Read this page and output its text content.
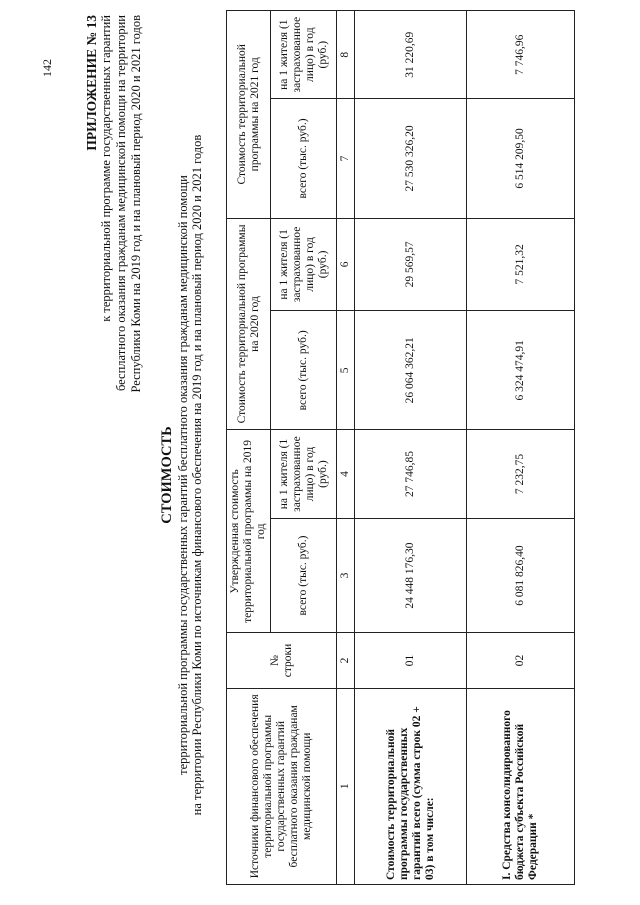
142 ПРИЛОЖЕНИЕ № 13 к территориальной программе государственных гарантий бесплатного оказания гражданам медицинской помощи на территории Республики Коми на 2019 год и на плановый период 2020 и 2021 годов
СТОИМОСТЬ территориальной программы государственных гарантий бесплатного оказания гражданам медицинской помощи на территории Республики Коми по источникам финансового обеспечения на 2019 год и на плановый период 2020 и 2021 годов	Источники финансового обеспечения территориальной программы государственных гарантий бесплатного оказания гражданам медицинской помощи	№ строки	Утвержденная стоимость территориальной программы на 2019 год		Стоимость территориальной программы на 2020 год		Стоимость территориальной программы на 2021 год	
		всего (тыс. руб.)	на 1 жителя (1 застрахованное лицо) в год (руб.)	всего (тыс. руб.)	на 1 жителя (1 застрахованное лицо) в год (руб.)	всего (тыс. руб.)	на 1 жителя (1 застрахованное лицо) в год (руб.)
1	2	3	4	5	6	7	8
Стоимость территориальной программы государственных гарантий всего (сумма строк 02 + 03) в том числе:	01	24 448 176,30	27 746,85	26 064 362,21	29 569,57	27 530 326,20	31 220,69
I. Средства консолидированного бюджета субъекта Российской Федерации *	02	6 081 826,40	7 232,75	6 324 474,91	7 521,32	6 514 209,50	7 746,96
